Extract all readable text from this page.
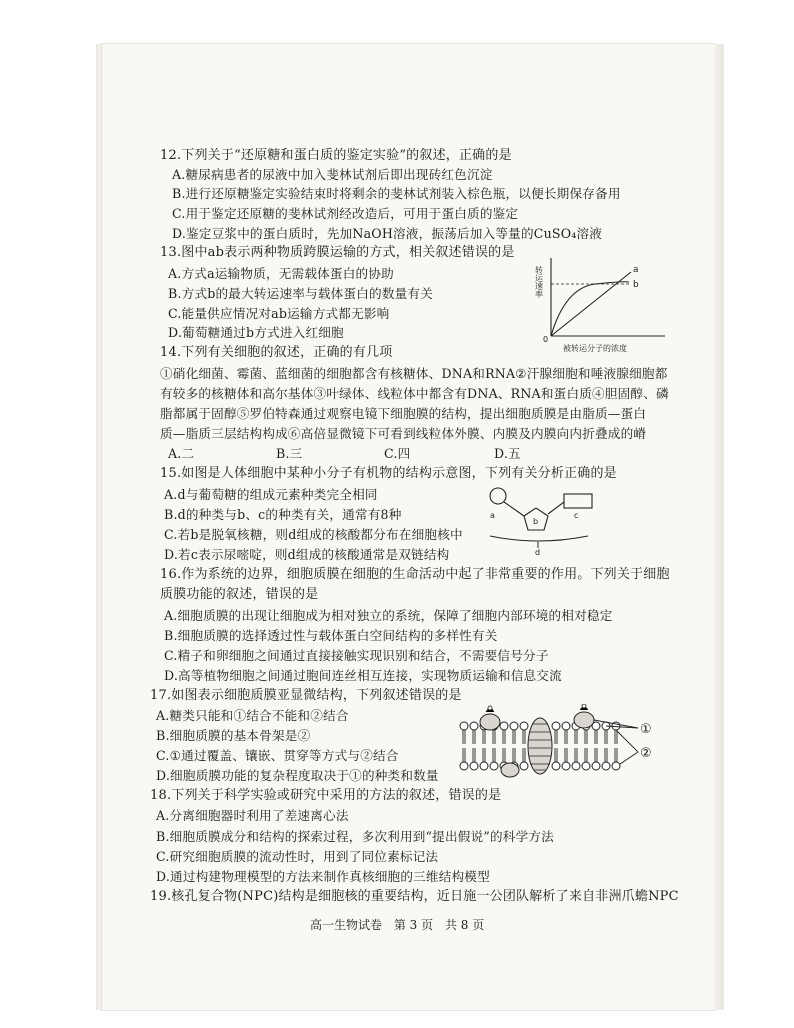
12.下列关于“还原糖和蛋白质的鉴定实验”的叙述，正确的是
A.糖尿病患者的尿液中加入斐林试剂后即出现砖红色沉淀
B.进行还原糖鉴定实验结束时将剩余的斐林试剂装入棕色瓶，以便长期保存备用
C.用于鉴定还原糖的斐林试剂经改造后，可用于蛋白质的鉴定
D.鉴定豆浆中的蛋白质时，先加NaOH溶液，振荡后加入等量的CuSO₄溶液
13.图中ab表示两种物质跨膜运输的方式，相关叙述错误的是
A.方式a运输物质，无需载体蛋白的协助
B.方式b的最大转运速率与载体蛋白的数量有关
C.能量供应情况对ab运输方式都无影响
D.葡萄糖通过b方式进入红细胞
转运速率
0
a
b
被转运分子的浓度
14.下列有关细胞的叙述，正确的有几项
①硝化细菌、霉菌、蓝细菌的细胞都含有核糖体、DNA和RNA②汗腺细胞和唾液腺细胞都
有较多的核糖体和高尔基体③叶绿体、线粒体中都含有DNA、RNA和蛋白质④胆固醇、磷
脂都属于固醇⑤罗伯特森通过观察电镜下细胞膜的结构，提出细胞质膜是由脂质—蛋白
质—脂质三层结构构成⑥高倍显微镜下可看到线粒体外膜、内膜及内膜向内折叠成的嵴
A.二	B.三	C.四	D.五
15.如图是人体细胞中某种小分子有机物的结构示意图，下列有关分析正确的是
A.d与葡萄糖的组成元素种类完全相同
B.d的种类与b、c的种类有关，通常有8种
C.若b是脱氧核糖，则d组成的核酸都分布在细胞核中
D.若c表示尿嘧啶，则d组成的核酸通常是双链结构
a	c
b
d
16.作为系统的边界，细胞质膜在细胞的生命活动中起了非常重要的作用。下列关于细胞
质膜功能的叙述，错误的是
A.细胞质膜的出现让细胞成为相对独立的系统，保障了细胞内部环境的相对稳定
B.细胞质膜的选择透过性与载体蛋白空间结构的多样性有关
C.精子和卵细胞之间通过直接接触实现识别和结合，不需要信号分子
D.高等植物细胞之间通过胞间连丝相互连接，实现物质运输和信息交流
17.如图表示细胞质膜亚显微结构，下列叙述错误的是
A.糖类只能和①结合不能和②结合
B.细胞质膜的基本骨架是②
C.①通过覆盖、镶嵌、贯穿等方式与②结合
D.细胞质膜功能的复杂程度取决于①的种类和数量
①
②
18.下列关于科学实验或研究中采用的方法的叙述，错误的是
A.分离细胞器时利用了差速离心法
B.细胞质膜成分和结构的探索过程，多次利用到“提出假说”的科学方法
C.研究细胞质膜的流动性时，用到了同位素标记法
D.通过构建物理模型的方法来制作真核细胞的三维结构模型
19.核孔复合物(NPC)结构是细胞核的重要结构，近日施一公团队解析了来自非洲爪蟾NPC
高一生物试卷 第 3 页 共 8 页
